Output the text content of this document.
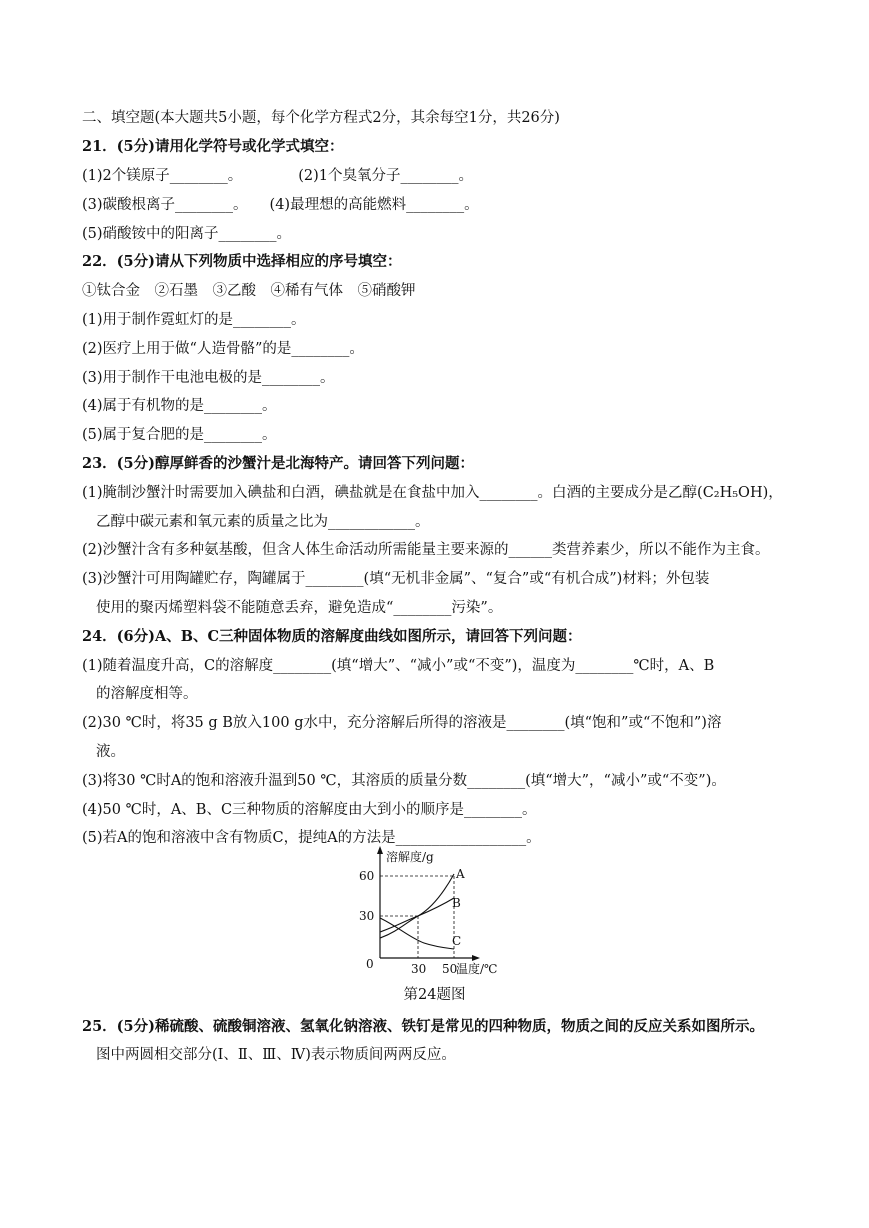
二、填空题(本大题共5小题，每个化学方程式2分，其余每空1分，共26分)
21．(5分)请用化学符号或化学式填空：
(1)2个镁原子________。	(2)1个臭氧分子________。
(3)碳酸根离子________。 (4)最理想的高能燃料________。
(5)硝酸铵中的阳离子________。
22．(5分)请从下列物质中选择相应的序号填空：
①钛合金　②石墨　③乙酸　④稀有气体　⑤硝酸钾
(1)用于制作霓虹灯的是________。
(2)医疗上用于做“人造骨骼”的是________。
(3)用于制作干电池电极的是________。
(4)属于有机物的是________。
(5)属于复合肥的是________。
23．(5分)醇厚鲜香的沙蟹汁是北海特产。请回答下列问题：
(1)腌制沙蟹汁时需要加入碘盐和白酒，碘盐就是在食盐中加入________。白酒的主要成分是乙醇(C₂H₅OH)，
乙醇中碳元素和氧元素的质量之比为____________。
(2)沙蟹汁含有多种氨基酸，但含人体生命活动所需能量主要来源的______类营养素少，所以不能作为主食。
(3)沙蟹汁可用陶罐贮存，陶罐属于________(填“无机非金属”、“复合”或“有机合成”)材料；外包装
使用的聚丙烯塑料袋不能随意丢弃，避免造成“________污染”。
24．(6分)A、B、C三种固体物质的溶解度曲线如图所示，请回答下列问题：
(1)随着温度升高，C的溶解度________(填“增大”、“减小”或“不变”)，温度为________℃时，A、B
的溶解度相等。
(2)30 ℃时，将35 g B放入100 g水中，充分溶解后所得的溶液是________(填“饱和”或“不饱和”)溶
液。
(3)将30 ℃时A的饱和溶液升温到50 ℃，其溶质的质量分数________(填“增大”，“减小”或“不变”)。
(4)50 ℃时，A、B、C三种物质的溶解度由大到小的顺序是________。
(5)若A的饱和溶液中含有物质C，提纯A的方法是__________________。
溶解度/g
温度/℃
0
60
30
30 50
A
B
C
第24题图
25．(5分)稀硫酸、硫酸铜溶液、氢氧化钠溶液、铁钉是常见的四种物质，物质之间的反应关系如图所示。
图中两圆相交部分(Ⅰ、Ⅱ、Ⅲ、Ⅳ)表示物质间两两反应。
